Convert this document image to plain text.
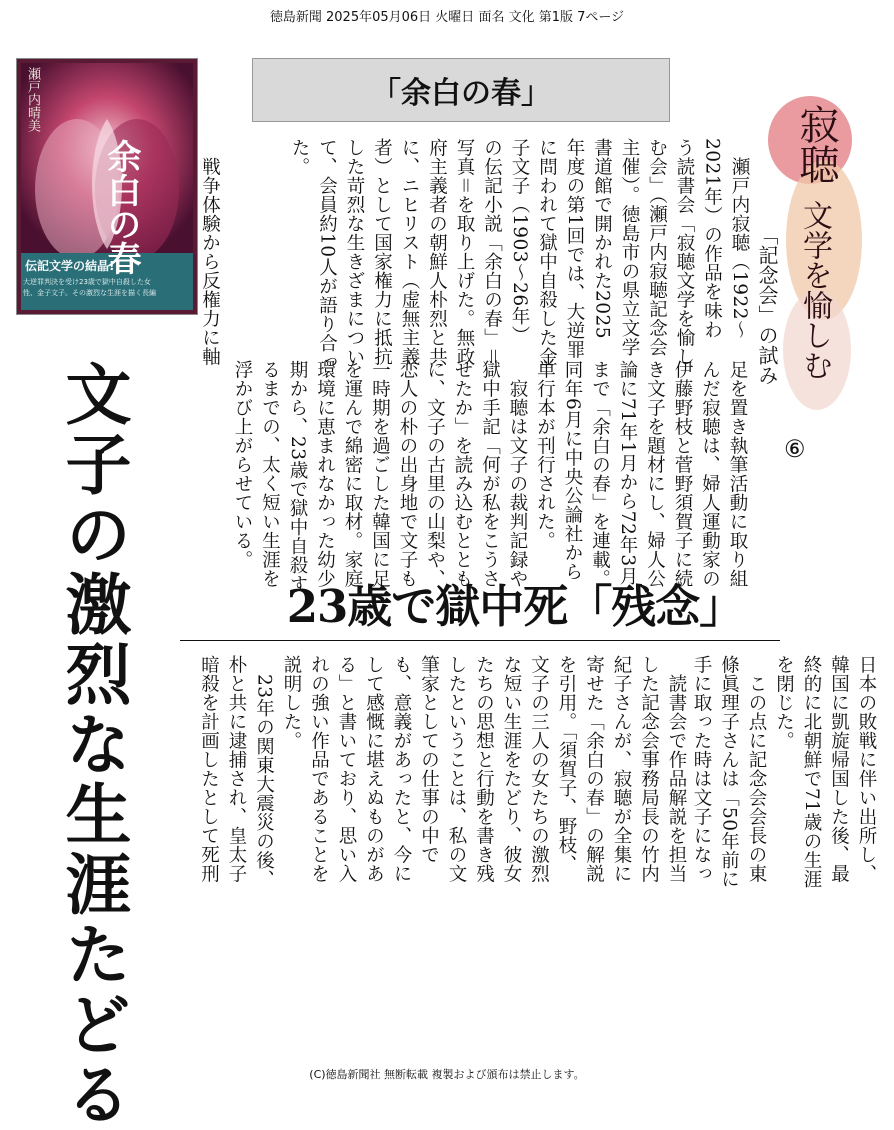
徳島新聞 2025年05月06日 火曜日 面名 文化 第1版 7ページ
「余白の春」
瀬戸内晴美
余白の春
伝記文学の結晶!
大逆罪判決を受け23歳で獄中自殺した女
性、金子文子。その激烈な生涯を描く長編	　戦争体験から反権力に軸	　瀬戸内寂聴（1922〜
2021年）の作品を味わ
う読書会「寂聴文学を愉し
む会」（瀬戸内寂聴記念会
主催）。徳島市の県立文学
書道館で開かれた2025
年度の第1回では、大逆罪
に問われて獄中自殺した金
子文子（1903〜26年）
の伝記小説「余白の春」＝
写真＝を取り上げた。無政
府主義者の朝鮮人朴烈と共
に、ニヒリスト（虚無主義
者）として国家権力に抵抗
した苛烈な生きざまについ
て、会員約10人が語り合っ
た。
足を置き執筆活動に取り組
んだ寂聴は、婦人運動家の
伊藤野枝と菅野須賀子に続
き文子を題材にし、婦人公
論に71年1月から72年3月
まで「余白の春」を連載。
同年6月に中央公論社から
単行本が刊行された。
　寂聴は文子の裁判記録や
獄中手記「何が私をこうさ
せたか」を読み込むととも
に、文子の古里の山梨や、
恋人の朴の出身地で文子も
一時期を過ごした韓国に足
を運んで綿密に取材。家庭
環境に恵まれなかった幼少
期から、23歳で獄中自殺す
るまでの、太く短い生涯を
浮かび上がらせている。
寂聴
文学を愉しむ
「記念会」の試み
⑥
文子の激烈な生涯たどる	23歳で獄中死「残念」
　読書会で作品解説を担当
した記念会事務局長の竹内
紀子さんが、寂聴が全集に
寄せた「余白の春」の解説
を引用。「須賀子、野枝、
文子の三人の女たちの激烈
な短い生涯をたどり、彼女
たちの思想と行動を書き残
したということは、私の文
筆家としての仕事の中で
も、意義があったと、今に
して感慨に堪えぬものがあ
る」と書いており、思い入
れの強い作品であることを
説明した。
　23年の関東大震災の後、
朴と共に逮捕され、皇太子
暗殺を計画したとして死刑	日本の敗戦に伴い出所し、
韓国に凱旋帰国した後、最
終的に北朝鮮で71歳の生涯
を閉じた。
　この点に記念会会長の東
條眞理子さんは「50年前に
手に取った時は文子になっ
(C)徳島新聞社 無断転載 複製および頒布は禁止します。
